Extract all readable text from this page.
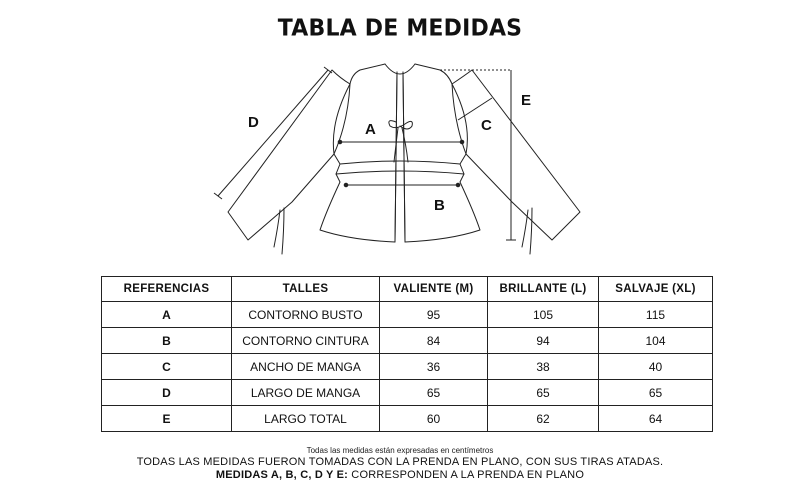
TABLA DE MEDIDAS
A
B
C
D
E
REFERENCIAS	TALLES	VALIENTE (M)	BRILLANTE (L)	SALVAJE (XL)
A	CONTORNO BUSTO	95	105	115
B	CONTORNO CINTURA	84	94	104
C	ANCHO DE MANGA	36	38	40
D	LARGO DE MANGA	65	65	65
E	LARGO TOTAL	60	62	64
Todas las medidas están expresadas en centímetros
TODAS LAS MEDIDAS FUERON TOMADAS CON LA PRENDA EN PLANO, CON SUS TIRAS ATADAS.
MEDIDAS A, B, C, D Y E: CORRESPONDEN A LA PRENDA EN PLANO
